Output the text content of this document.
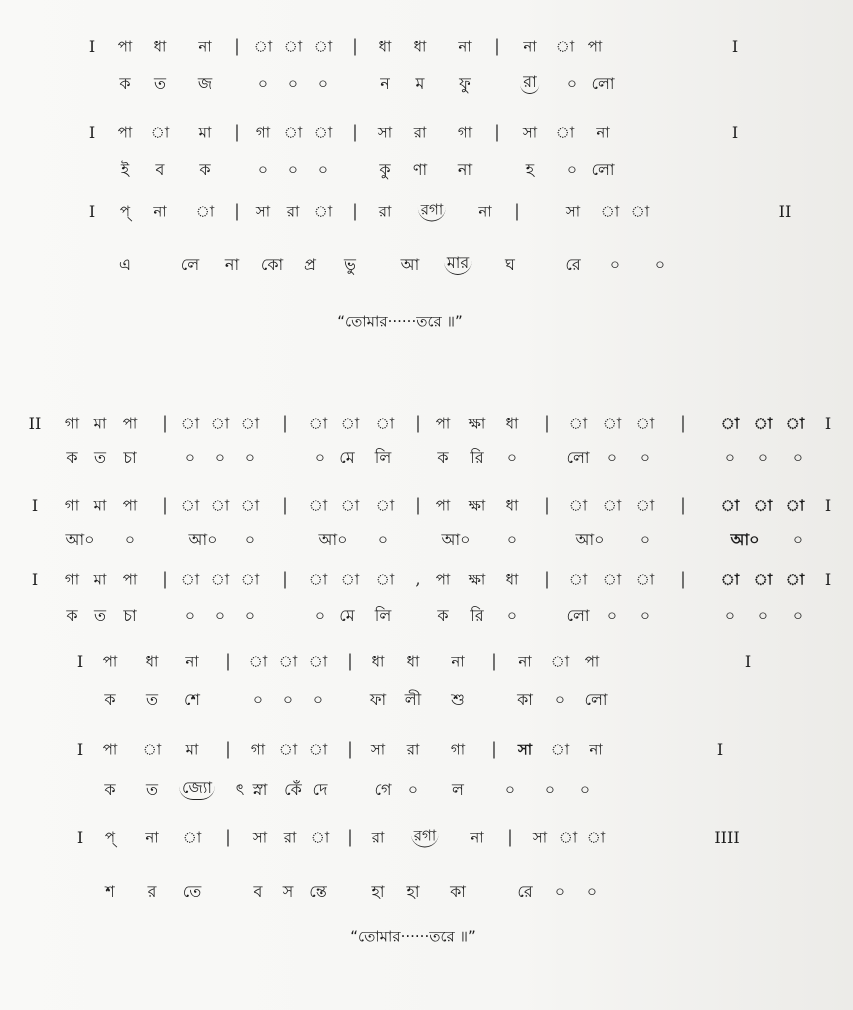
I পা ধা না | া া া | ধা ধা না | না া পা	I
ক ত জ	০ ০ ০	ন ম ফু	রা ০ লো
I পা া মা | গা া া | সা রা গা | সা া না	I
ই ব ক	০ ০ ০	কু ণা না	হ ০ লো
I প্ না া | সা রা া | রা রগা না |	সা া া	II
এ	লে না কো প্র ভু	আ মার ঘ	রে ০ ০
“তোমার······তরে ॥”
II গা মা পা | া া া | া া া | পা ক্ষা ধা | া া া | া া া I
ক ত চা	০ ০ ০	০ মে লি	ক রি ০	লো ০ ০	০ ০ ০
I গা মা পা | া া া | া া া | পা ক্ষা ধা | া া া | া া া I
আ০ ০	আ০ ০	আ০ ০	আ০ ০	আ০ ০	আ০ ০
I গা মা পা | া া া | া া া , পা ক্ষা ধা | া া া | া া া I
ক ত চা	০ ০ ০	০ মে লি	ক রি ০	লো ০ ০	০ ০ ০
I পা ধা না | া া া | ধা ধা না | না া পা	I
ক ত শে	০ ০ ০	ফা লী শু	কা ০ লো
I পা া মা | গা া া | সা রা গা | সা া না	I
ক ত জ্যো ৎ স্না কেঁ দে	গে ০ ল	০ ০ ০
I প্ না া | সা রা া | রা রগা না | সা া া	IIII
শ র তে	ব স ন্তে	হা হা কা	রে ০ ০
“তোমার······তরে ॥”
